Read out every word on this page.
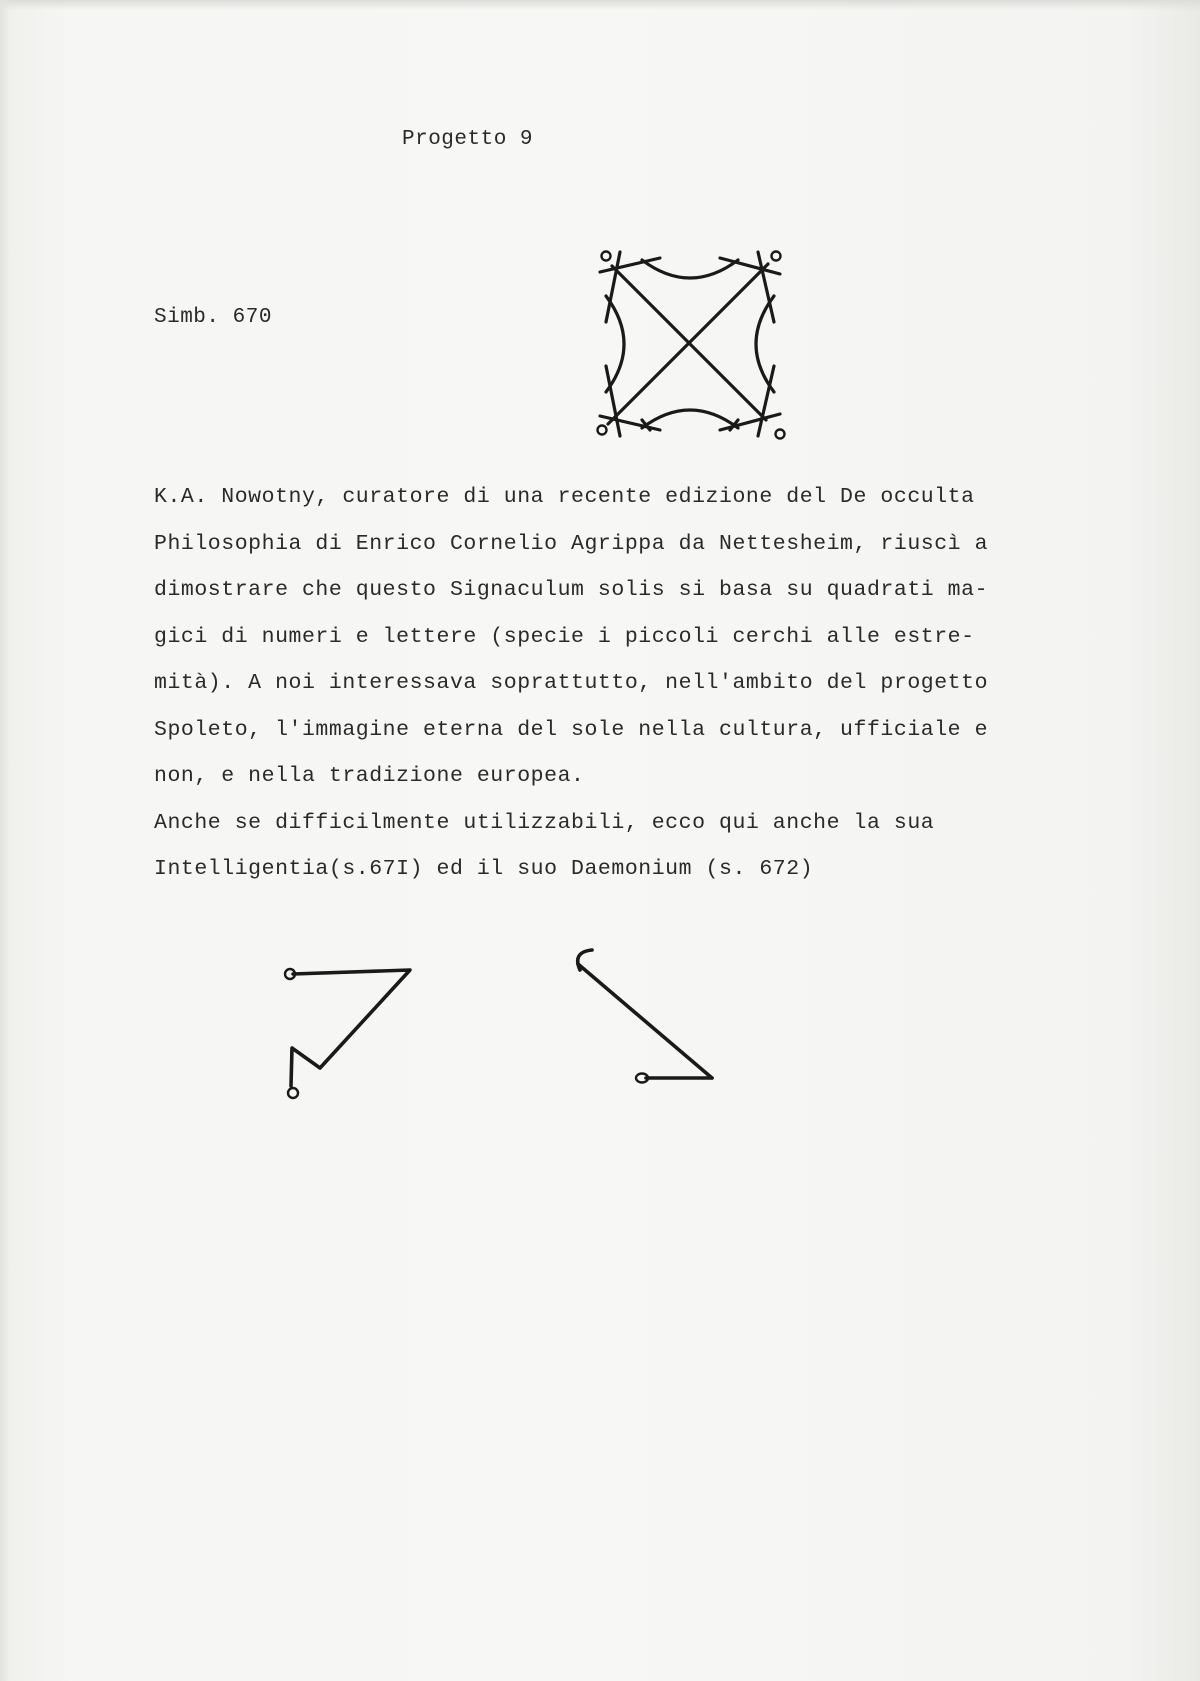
Progetto 9
Simb. 670
K.A. Nowotny, curatore di una recente edizione del De occulta
Philosophia di Enrico Cornelio Agrippa da Nettesheim, riuscì a
dimostrare che questo Signaculum solis si basa su quadrati ma-
gici di numeri e lettere (specie i piccoli cerchi alle estre-
mità). A noi interessava soprattutto, nell'ambito del progetto
Spoleto, l'immagine eterna del sole nella cultura, ufficiale e
non, e nella tradizione europea.
Anche se difficilmente utilizzabili, ecco qui anche la sua
Intelligentia(s.67I) ed il suo Daemonium (s. 672)
